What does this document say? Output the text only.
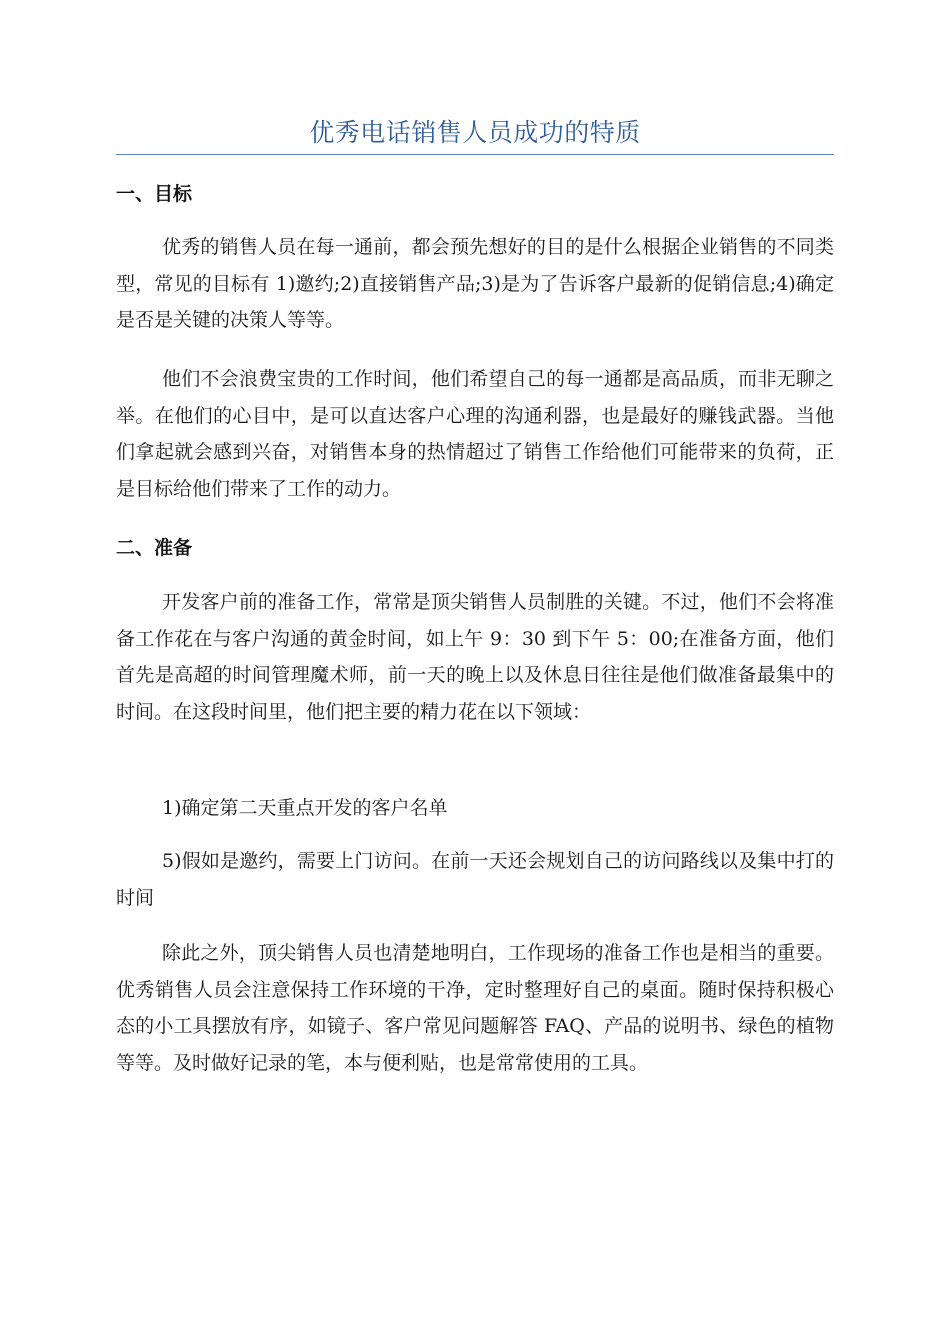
优秀电话销售人员成功的特质
一、目标
优秀的销售人员在每一通前，都会预先想好的目的是什么根据企业销售的不同类型，常见的目标有 1)邀约;2)直接销售产品;3)是为了告诉客户最新的促销信息;4)确定是否是关键的决策人等等。
他们不会浪费宝贵的工作时间，他们希望自己的每一通都是高品质，而非无聊之举。在他们的心目中，是可以直达客户心理的沟通利器，也是最好的赚钱武器。当他们拿起就会感到兴奋，对销售本身的热情超过了销售工作给他们可能带来的负荷，正是目标给他们带来了工作的动力。
二、准备
开发客户前的准备工作，常常是顶尖销售人员制胜的关键。不过，他们不会将准备工作花在与客户沟通的黄金时间，如上午 9：30 到下午 5：00;在准备方面，他们首先是高超的时间管理魔术师，前一天的晚上以及休息日往往是他们做准备最集中的时间。在这段时间里，他们把主要的精力花在以下领域：
1)确定第二天重点开发的客户名单
5)假如是邀约，需要上门访问。在前一天还会规划自己的访问路线以及集中打的时间
除此之外，顶尖销售人员也清楚地明白，工作现场的准备工作也是相当的重要。优秀销售人员会注意保持工作环境的干净，定时整理好自己的桌面。随时保持积极心态的小工具摆放有序，如镜子、客户常见问题解答 FAQ、产品的说明书、绿色的植物等等。及时做好记录的笔，本与便利贴，也是常常使用的工具。
